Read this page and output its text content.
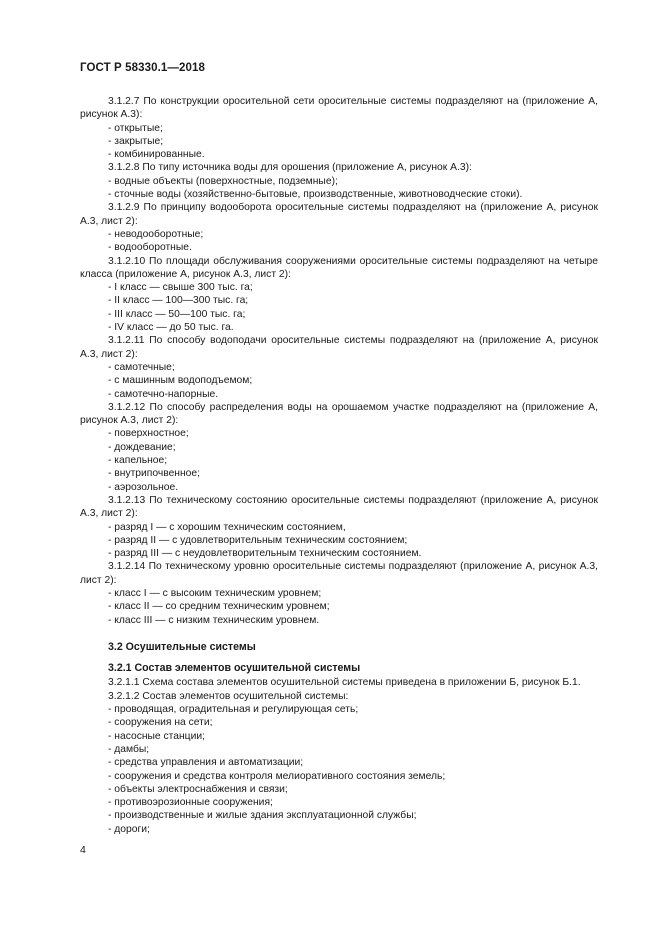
ГОСТ Р 58330.1—2018
3.1.2.7 По конструкции оросительной сети оросительные системы подразделяют на (приложение А, рисунок А.3):
- открытые;
- закрытые;
- комбинированные.
3.1.2.8 По типу источника воды для орошения (приложение А, рисунок А.3):
- водные объекты (поверхностные, подземные);
- сточные воды (хозяйственно-бытовые, производственные, животноводческие стоки).
3.1.2.9 По принципу водооборота оросительные системы подразделяют на (приложение А, рисунок А.3, лист 2):
- неводооборотные;
- водооборотные.
3.1.2.10 По площади обслуживания сооружениями оросительные системы подразделяют на четыре класса (приложение А, рисунок А.3, лист 2):
- I класс — свыше 300 тыс. га;
- II класс — 100—300 тыс. га;
- III класс — 50—100 тыс. га;
- IV класс — до 50 тыс. га.
3.1.2.11 По способу водоподачи оросительные системы подразделяют на (приложение А, рисунок А.3, лист 2):
- самотечные;
- с машинным водоподъемом;
- самотечно-напорные.
3.1.2.12 По способу распределения воды на орошаемом участке подразделяют на (приложение А, рисунок А.3, лист 2):
- поверхностное;
- дождевание;
- капельное;
- внутрипочвенное;
- аэрозольное.
3.1.2.13 По техническому состоянию оросительные системы подразделяют (приложение А, рисунок А.3, лист 2):
- разряд I — с хорошим техническим состоянием,
- разряд II — с удовлетворительным техническим состоянием;
- разряд III — с неудовлетворительным техническим состоянием.
3.1.2.14 По техническому уровню оросительные системы подразделяют (приложение А, рисунок А.3, лист 2):
- класс I — с высоким техническим уровнем;
- класс II — со средним техническим уровнем;
- класс III — с низким техническим уровнем.
3.2 Осушительные системы
3.2.1 Состав элементов осушительной системы
3.2.1.1 Схема состава элементов осушительной системы приведена в приложении Б, рисунок Б.1.
3.2.1.2 Состав элементов осушительной системы:
- проводящая, оградительная и регулирующая сеть;
- сооружения на сети;
- насосные станции;
- дамбы;
- средства управления и автоматизации;
- сооружения и средства контроля мелиоративного состояния земель;
- объекты электроснабжения и связи;
- противоэрозионные сооружения;
- производственные и жилые здания эксплуатационной службы;
- дороги;
4
